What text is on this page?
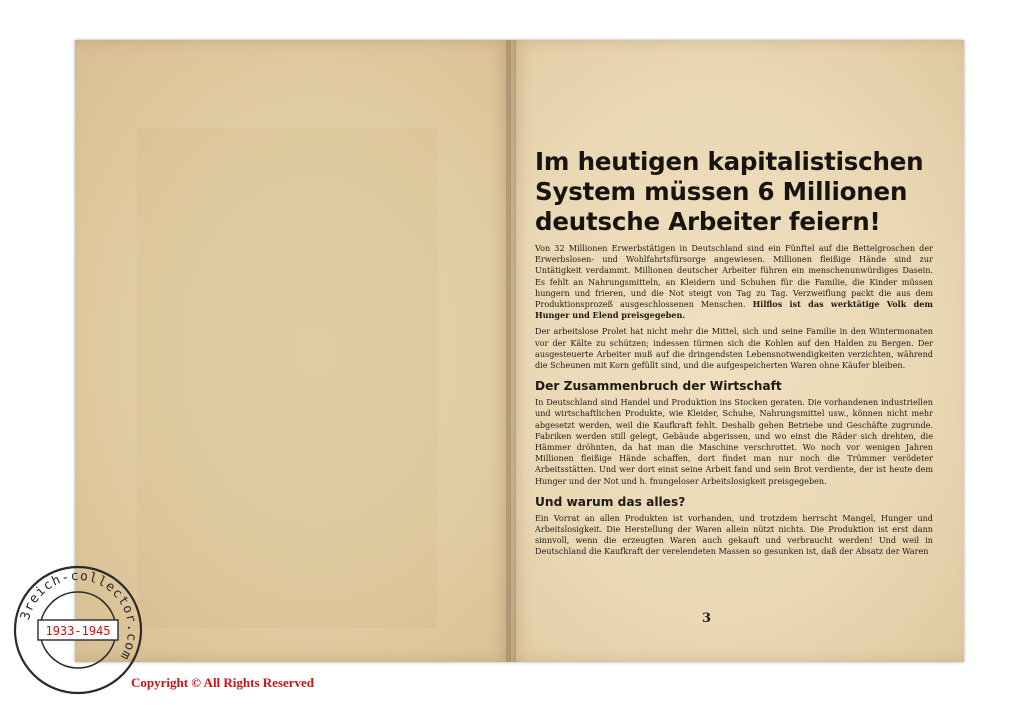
Im heutigen kapitalistischen System müssen 6 Millionen deutsche Arbeiter feiern!

Von 32 Millionen Erwerbstätigen in Deutschland sind ein Fünftel auf die Bettelgroschen der Erwerbslosen- und Wohlfahrtsfürsorge angewiesen. Millionen fleißige Hände sind zur Untätigkeit verdammt. Millionen deutscher Arbeiter führen ein menschenunwürdiges Dasein. Es fehlt an Nahrungsmitteln, an Kleidern und Schuhen für die Familie, die Kinder müssen hungern und frieren, und die Not steigt von Tag zu Tag. Verzweiflung packt die aus dem Produktionsprozeß ausgeschlossenen Menschen. Hilflos ist das werktätige Volk dem Hunger und Elend preisgegeben.

Der arbeitslose Prolet hat nicht mehr die Mittel, sich und seine Familie in den Wintermonaten vor der Kälte zu schützen; indessen türmen sich die Kohlen auf den Halden zu Bergen. Der ausgesteuerte Arbeiter muß auf die dringendsten Lebensnotwendigkeiten verzichten, während die Scheunen mit Korn gefüllt sind, und die aufgespeicherten Waren ohne Käufer bleiben.

Der Zusammenbruch der Wirtschaft

In Deutschland sind Handel und Produktion ins Stocken geraten. Die vorhandenen industriellen und wirtschaftlichen Produkte, wie Kleider, Schuhe, Nahrungsmittel usw., können nicht mehr abgesetzt werden, weil die Kaufkraft fehlt. Deshalb gehen Betriebe und Geschäfte zugrunde. Fabriken werden still gelegt, Gebäude abgerissen, und wo einst die Räder sich drehten, die Hämmer dröhnten, da hat man die Maschine verschrottet. Wo noch vor wenigen Jahren Millionen fleißige Hände schaffen, dort findet man nur noch die Trümmer verödeter Arbeitsstätten. Und wer dort einst seine Arbeit fand und sein Brot verdiente, der ist heute dem Hunger und der Not und h. fnungeloser Arbeitslosigkeit preisgegeben.

Und warum das alles?

Ein Vorrat an allen Produkten ist vorhanden, und trotzdem herrscht Mangel, Hunger und Arbeitslosigkeit. Die Herstellung der Waren allein nützt nichts. Die Produktion ist erst dann sinnvoll, wenn die erzeugten Waren auch gekauft und verbraucht werden! Und weil in Deutschland die Kaufkraft der verelendeten Massen so gesunken ist, daß der Absatz der Waren

3
3reich-collector.com
1933-1945
Copyright © All Rights Reserved
